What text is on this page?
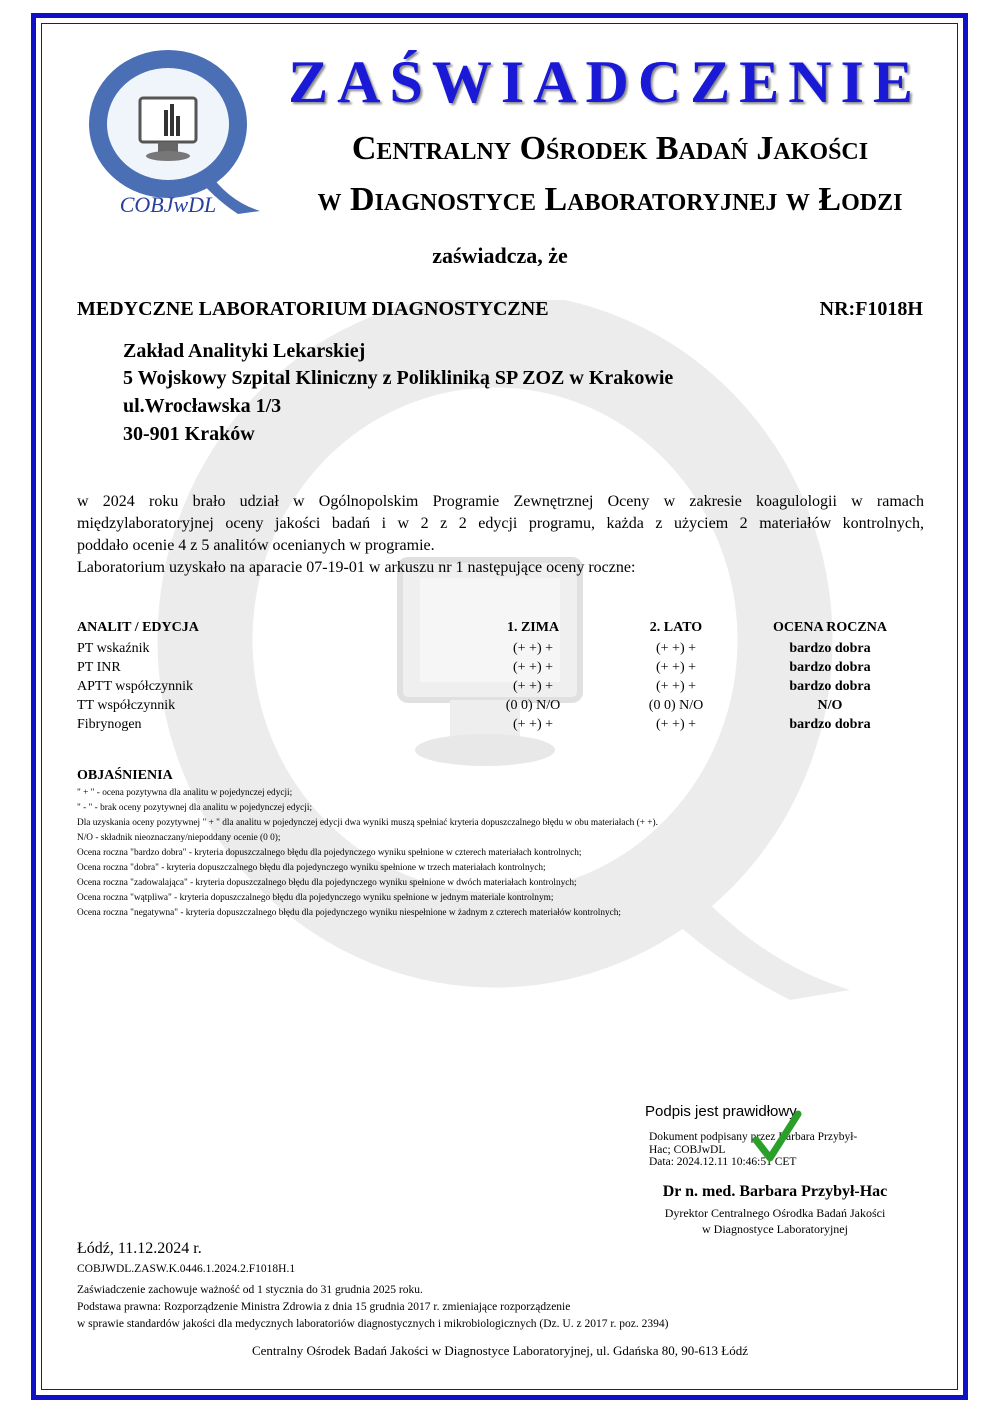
COBJwDL
ZAŚWIADCZENIE
Centralny Ośrodek Badań Jakości
w Diagnostyce Laboratoryjnej w Łodzi
zaświadcza, że
MEDYCZNE LABORATORIUM DIAGNOSTYCZNE	NR:F1018H
Zakład Analityki Lekarskiej
5 Wojskowy Szpital Kliniczny z Polikliniką SP ZOZ w Krakowie
ul.Wrocławska 1/3
30-901 Kraków
w 2024 roku brało udział w Ogólnopolskim Programie Zewnętrznej Oceny w zakresie koagulologii w ramach
międzylaboratoryjnej oceny jakości badań i w 2 z 2 edycji programu, każda z użyciem 2 materiałów kontrolnych,
poddało ocenie 4 z 5 analitów ocenianych w programie.
Laboratorium uzyskało na aparacie 07-19-01 w arkuszu nr 1 następujące oceny roczne:
ANALIT / EDYCJA	1. ZIMA	2. LATO	OCENA ROCZNA
PT wskaźnik	(+ +) +	(+ +) +	bardzo dobra
PT INR	(+ +) +	(+ +) +	bardzo dobra
APTT współczynnik	(+ +) +	(+ +) +	bardzo dobra
TT współczynnik	(0 0) N/O	(0 0) N/O	N/O
Fibrynogen	(+ +) +	(+ +) +	bardzo dobra
OBJAŚNIENIA
" + " - ocena pozytywna dla analitu w pojedynczej edycji;
" - " - brak oceny pozytywnej dla analitu w pojedynczej edycji;
Dla uzyskania oceny pozytywnej " + " dla analitu w pojedynczej edycji dwa wyniki muszą spełniać kryteria dopuszczalnego błędu w obu materiałach (+ +).
N/O - składnik nieoznaczany/niepoddany ocenie (0 0);
Ocena roczna "bardzo dobra" - kryteria dopuszczalnego błędu dla pojedynczego wyniku spełnione w czterech materiałach kontrolnych;
Ocena roczna "dobra" - kryteria dopuszczalnego błędu dla pojedynczego wyniku spełnione w trzech materiałach kontrolnych;
Ocena roczna "zadowalająca" - kryteria dopuszczalnego błędu dla pojedynczego wyniku spełnione w dwóch materiałach kontrolnych;
Ocena roczna "wątpliwa" - kryteria dopuszczalnego błędu dla pojedynczego wyniku spełnione w jednym materiale kontrolnym;
Ocena roczna "negatywna" - kryteria dopuszczalnego błędu dla pojedynczego wyniku niespełnione w żadnym z czterech materiałów kontrolnych;
Podpis jest prawidłowy
Dokument podpisany przez Barbara Przybył-
Hac; COBJwDL
Data: 2024.12.11 10:46:51 CET
Dr n. med. Barbara Przybył-Hac
Dyrektor Centralnego Ośrodka Badań Jakości
w Diagnostyce Laboratoryjnej
Łódź, 11.12.2024 r.
COBJWDL.ZASW.K.0446.1.2024.2.F1018H.1
Zaświadczenie zachowuje ważność od 1 stycznia do 31 grudnia 2025 roku.
Podstawa prawna: Rozporządzenie Ministra Zdrowia z dnia 15 grudnia 2017 r. zmieniające rozporządzenie
w sprawie standardów jakości dla medycznych laboratoriów diagnostycznych i mikrobiologicznych (Dz. U. z 2017 r. poz. 2394)
Centralny Ośrodek Badań Jakości w Diagnostyce Laboratoryjnej, ul. Gdańska 80, 90-613 Łódź
